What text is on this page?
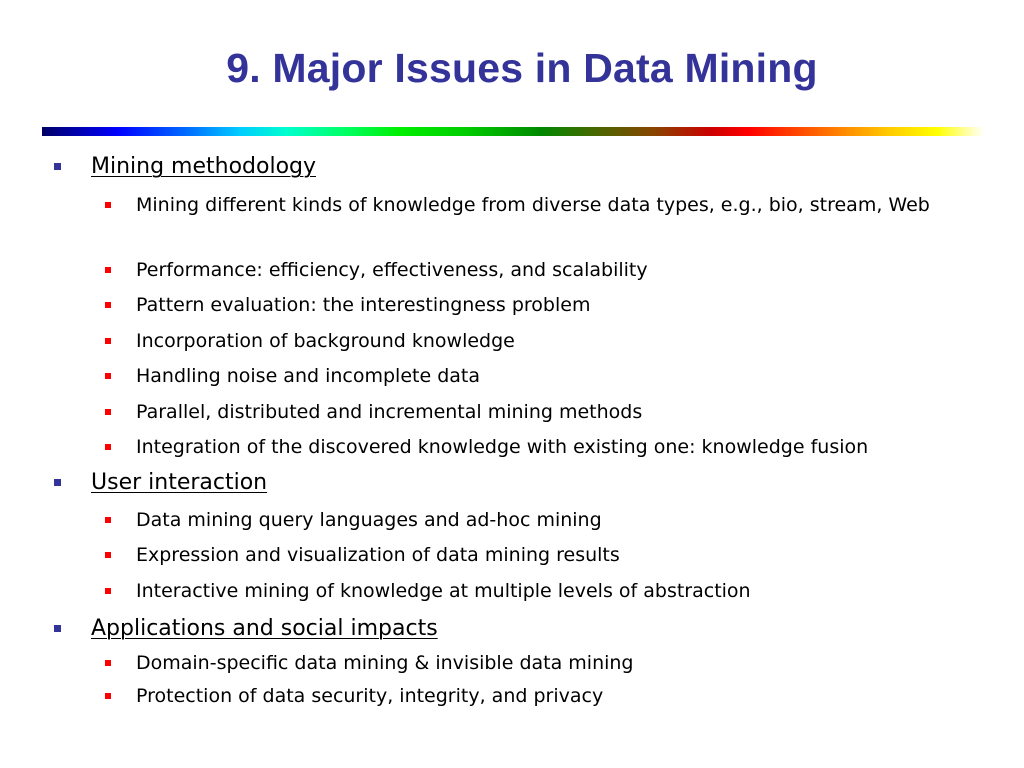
9. Major Issues in Data Mining
Mining methodology
Mining different kinds of knowledge from diverse data types, e.g., bio, stream, Web
Performance: efficiency, effectiveness, and scalability
Pattern evaluation: the interestingness problem
Incorporation of background knowledge
Handling noise and incomplete data
Parallel, distributed and incremental mining methods
Integration of the discovered knowledge with existing one: knowledge fusion
User interaction
Data mining query languages and ad-hoc mining
Expression and visualization of data mining results
Interactive mining of knowledge at multiple levels of abstraction
Applications and social impacts
Domain-specific data mining & invisible data mining
Protection of data security, integrity, and privacy
